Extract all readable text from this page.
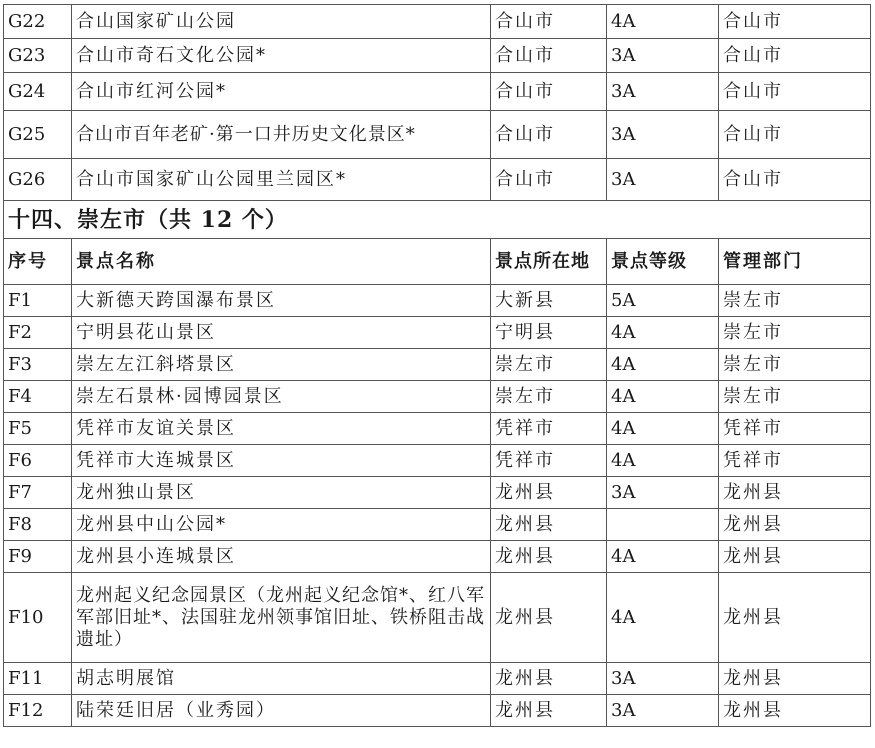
G22	合山国家矿山公园	合山市	4A	合山市
G23	合山市奇石文化公园*	合山市	3A	合山市
G24	合山市红河公园*	合山市	3A	合山市
G25	合山市百年老矿·第一口井历史文化景区*	合山市	3A	合山市
G26	合山市国家矿山公园里兰园区*	合山市	3A	合山市
十四、崇左市（共 12 个）				
序号	景点名称	景点所在地	景点等级	管理部门
F1	大新德天跨国瀑布景区	大新县	5A	崇左市
F2	宁明县花山景区	宁明县	4A	崇左市
F3	崇左左江斜塔景区	崇左市	4A	崇左市
F4	崇左石景林·园博园景区	崇左市	4A	崇左市
F5	凭祥市友谊关景区	凭祥市	4A	凭祥市
F6	凭祥市大连城景区	凭祥市	4A	凭祥市
F7	龙州独山景区	龙州县	3A	龙州县
F8	龙州县中山公园*	龙州县		龙州县
F9	龙州县小连城景区	龙州县	4A	龙州县
F10	龙州起义纪念园景区（龙州起义纪念馆*、红八军军部旧址*、法国驻龙州领事馆旧址、铁桥阻击战遗址）	龙州县	4A	龙州县
F11	胡志明展馆	龙州县	3A	龙州县
F12	陆荣廷旧居（业秀园）	龙州县	3A	龙州县
